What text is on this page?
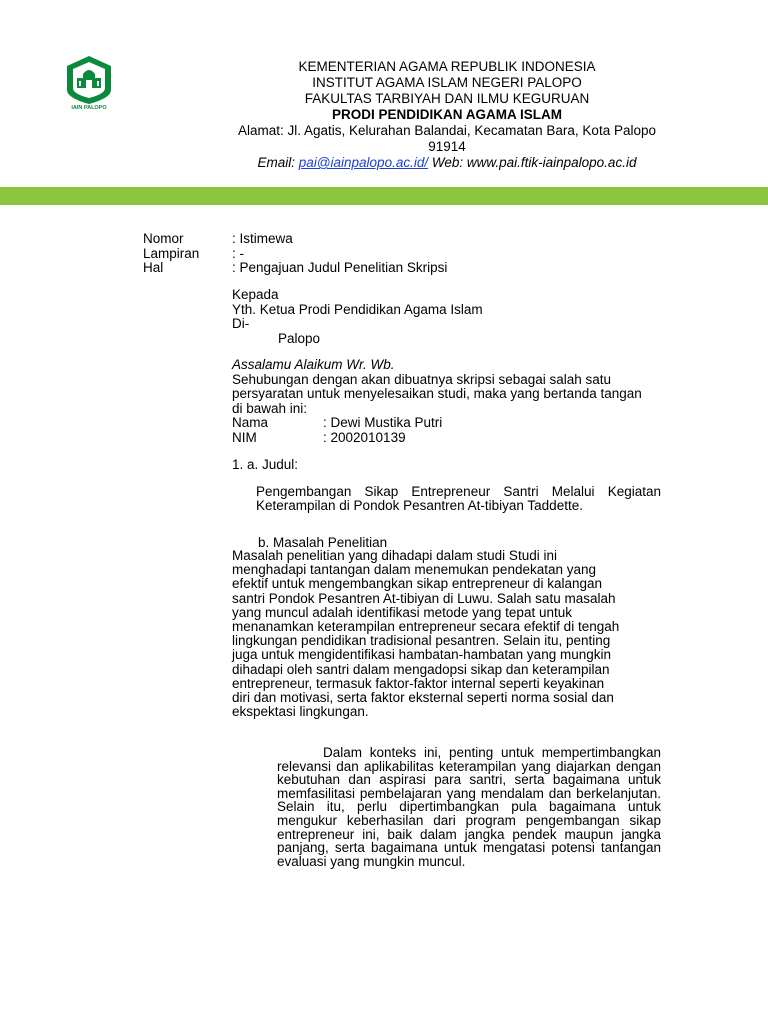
IAIN PALOPO
KEMENTERIAN AGAMA REPUBLIK INDONESIA
INSTITUT AGAMA ISLAM NEGERI PALOPO
FAKULTAS TARBIYAH DAN ILMU KEGURUAN
PRODI PENDIDIKAN AGAMA ISLAM
Alamat: Jl. Agatis, Kelurahan Balandai, Kecamatan Bara, Kota Palopo 91914
Email: pai@iainpalopo.ac.id/ Web: www.pai.ftik-iainpalopo.ac.id
Nomor	: Istimewa
Lampiran	: -
Hal	: Pengajuan Judul Penelitian Skripsi
Kepada
Yth. Ketua Prodi Pendidikan Agama Islam
Di-
Palopo
Assalamu Alaikum Wr. Wb.
Sehubungan dengan akan dibuatnya skripsi sebagai salah satu persyaratan untuk menyelesaikan studi, maka yang bertanda tangan di bawah ini:
Nama	: Dewi Mustika Putri
NIM	: 2002010139
1. a. Judul:
Pengembangan Sikap Entrepreneur Santri Melalui Kegiatan Keterampilan di Pondok Pesantren At-tibiyan Taddette.
b. Masalah Penelitian
Masalah penelitian yang dihadapi dalam studi Studi ini menghadapi tantangan dalam menemukan pendekatan yang efektif untuk mengembangkan sikap entrepreneur di kalangan santri Pondok Pesantren At-tibiyan di Luwu. Salah satu masalah yang muncul adalah identifikasi metode yang tepat untuk menanamkan keterampilan entrepreneur secara efektif di tengah lingkungan pendidikan tradisional pesantren. Selain itu, penting juga untuk mengidentifikasi hambatan-hambatan yang mungkin dihadapi oleh santri dalam mengadopsi sikap dan keterampilan entrepreneur, termasuk faktor-faktor internal seperti keyakinan diri dan motivasi, serta faktor eksternal seperti norma sosial dan ekspektasi lingkungan.
Dalam konteks ini, penting untuk mempertimbangkan relevansi dan aplikabilitas keterampilan yang diajarkan dengan kebutuhan dan aspirasi para santri, serta bagaimana untuk memfasilitasi pembelajaran yang mendalam dan berkelanjutan. Selain itu, perlu dipertimbangkan pula bagaimana untuk mengukur keberhasilan dari program pengembangan sikap entrepreneur ini, baik dalam jangka pendek maupun jangka panjang, serta bagaimana untuk mengatasi potensi tantangan evaluasi yang mungkin muncul.
